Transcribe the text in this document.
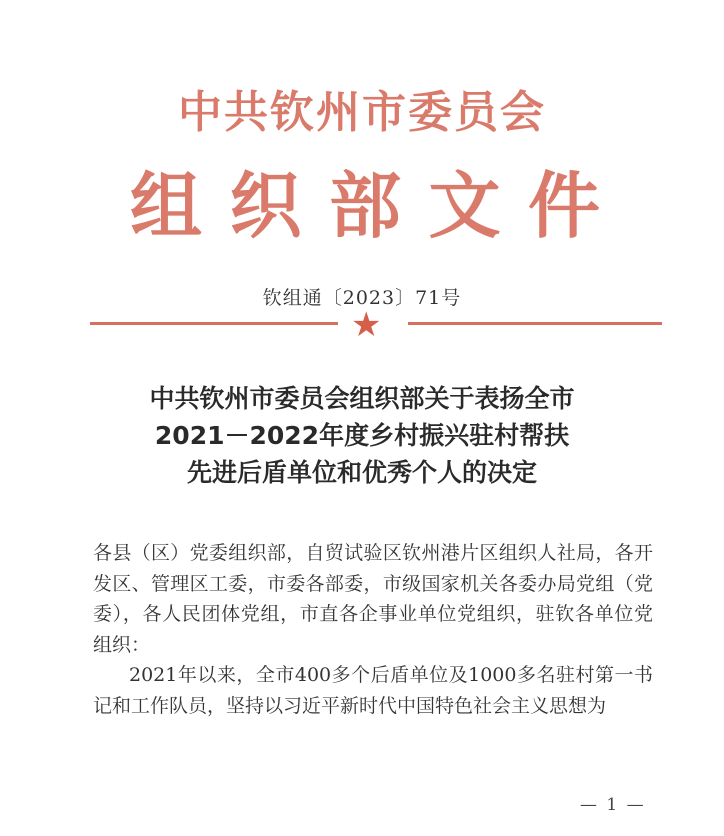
中共钦州市委员会
组 织 部 文 件
钦组通〔2023〕71号
★
中共钦州市委员会组织部关于表扬全市
2021－2022年度乡村振兴驻村帮扶
先进后盾单位和优秀个人的决定

各县（区）党委组织部，自贸试验区钦州港片区组织人社局，各开发区、管理区工委，市委各部委，市级国家机关各委办局党组（党委），各人民团体党组，市直各企事业单位党组织，驻钦各单位党组织：

2021年以来，全市400多个后盾单位及1000多名驻村第一书记和工作队员，坚持以习近平新时代中国特色社会主义思想为

— 1 —
